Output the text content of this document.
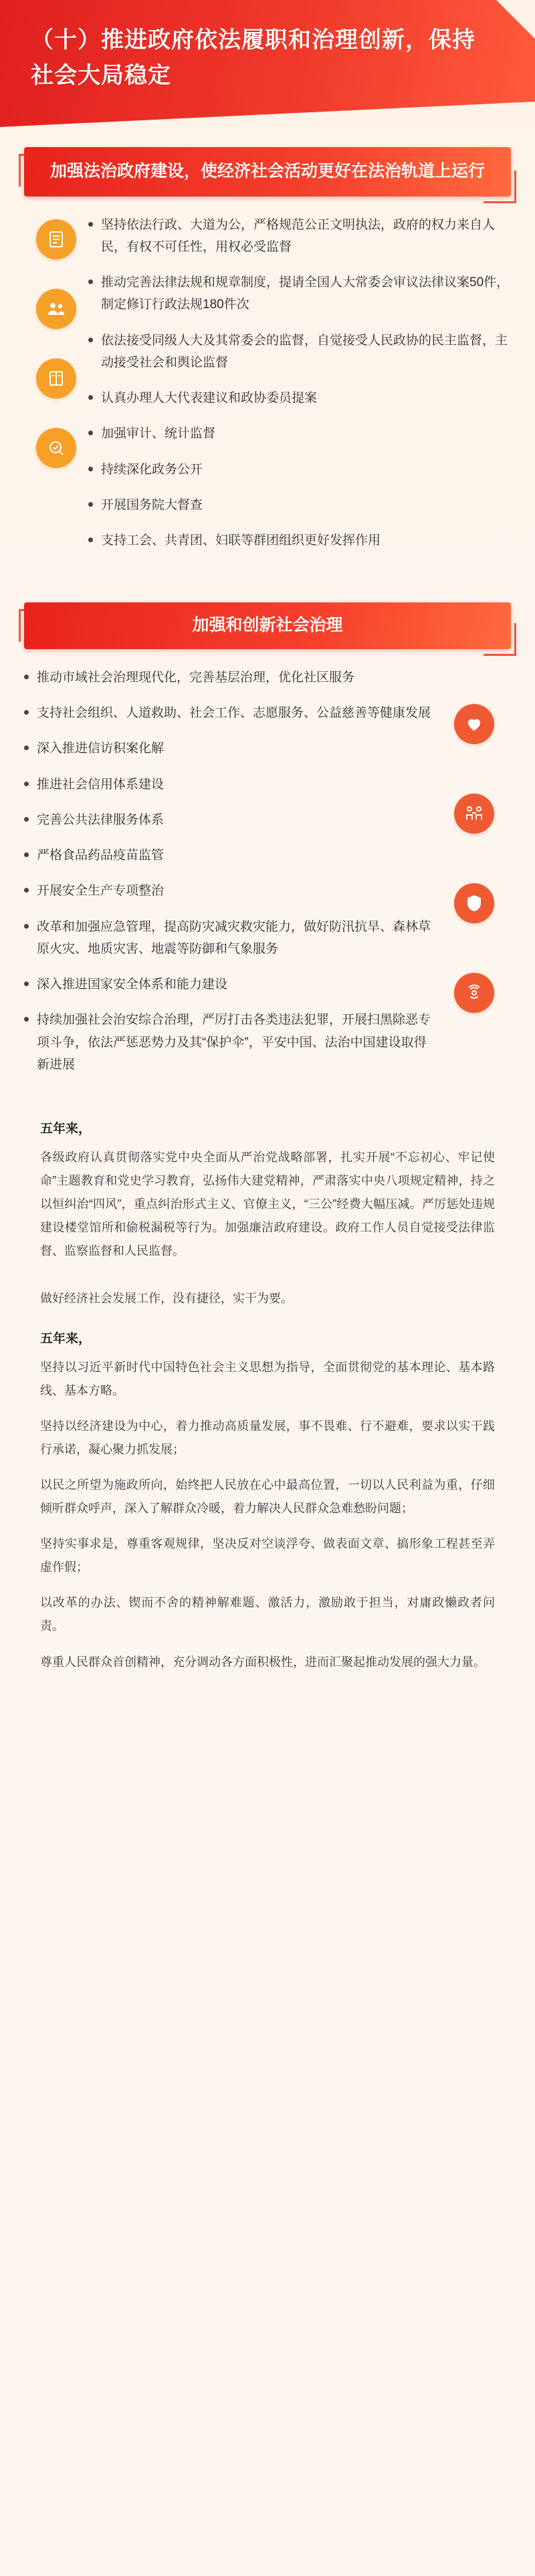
（十）推进政府依法履职和治理创新，保持社会大局稳定
加强法治政府建设，使经济社会活动更好在法治轨道上运行
坚持依法行政、大道为公，严格规范公正文明执法，政府的权力来自人民，有权不可任性，用权必受监督
推动完善法律法规和规章制度，提请全国人大常委会审议法律议案50件，制定修订行政法规180件次
依法接受同级人大及其常委会的监督，自觉接受人民政协的民主监督，主动接受社会和舆论监督
认真办理人大代表建议和政协委员提案
加强审计、统计监督
持续深化政务公开
开展国务院大督查
支持工会、共青团、妇联等群团组织更好发挥作用
加强和创新社会治理
推动市域社会治理现代化，完善基层治理，优化社区服务
支持社会组织、人道救助、社会工作、志愿服务、公益慈善等健康发展
深入推进信访积案化解
推进社会信用体系建设
完善公共法律服务体系
严格食品药品疫苗监管
开展安全生产专项整治
改革和加强应急管理，提高防灾减灾救灾能力，做好防汛抗旱、森林草原火灾、地质灾害、地震等防御和气象服务
深入推进国家安全体系和能力建设
持续加强社会治安综合治理，严厉打击各类违法犯罪，开展扫黑除恶专项斗争，依法严惩恶势力及其“保护伞”，平安中国、法治中国建设取得新进展
五年来，

各级政府认真贯彻落实党中央全面从严治党战略部署，扎实开展“不忘初心、牢记使命”主题教育和党史学习教育，弘扬伟大建党精神，严肃落实中央八项规定精神，持之以恒纠治“四风”，重点纠治形式主义、官僚主义，“三公”经费大幅压减。严厉惩处违规建设楼堂馆所和偷税漏税等行为。加强廉洁政府建设。政府工作人员自觉接受法律监督、监察监督和人民监督。

做好经济社会发展工作，没有捷径，实干为要。

五年来，

坚持以习近平新时代中国特色社会主义思想为指导，全面贯彻党的基本理论、基本路线、基本方略。

坚持以经济建设为中心，着力推动高质量发展，事不畏难、行不避难，要求以实干践行承诺，凝心聚力抓发展；

以民之所望为施政所向，始终把人民放在心中最高位置，一切以人民利益为重，仔细倾听群众呼声，深入了解群众冷暖，着力解决人民群众急难愁盼问题；

坚持实事求是，尊重客观规律，坚决反对空谈浮夸、做表面文章、搞形象工程甚至弄虚作假；

以改革的办法、锲而不舍的精神解难题、激活力，激励敢于担当，对庸政懒政者问责。

尊重人民群众首创精神，充分调动各方面积极性，进而汇聚起推动发展的强大力量。
